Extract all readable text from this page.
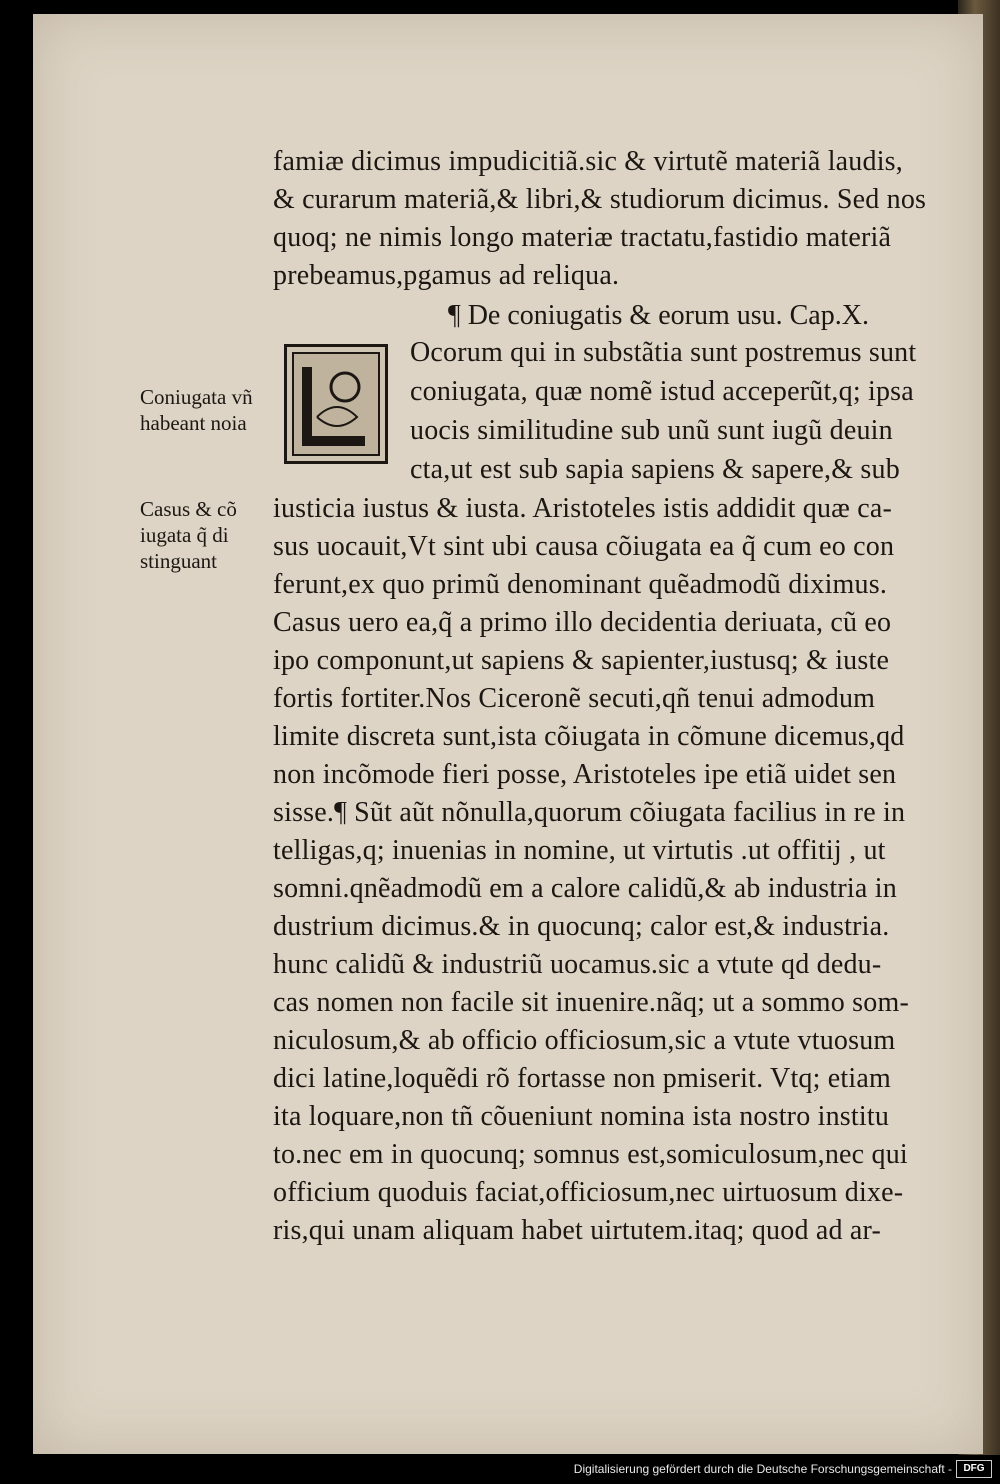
famiæ dicimus impudicitiã.sic & virtutẽ materiã laudis,
& curarum materiã,& libri,& studiorum dicimus. Sed nos
quoq; ne nimis longo materiæ tractatu,fastidio materiã
prebeamus,pgamus ad reliqua.
¶ De coniugatis & eorum usu. Cap.X.
Ocorum qui in substãtia sunt postremus sunt
coniugata, quæ nomẽ istud acceperũt,q; ipsa
uocis similitudine sub unũ sunt iugũ deuin
cta,ut est sub sapia sapiens & sapere,& sub
Coniugata vñ habeant noia
Casus & cõ iugata q̃ di stinguant
iusticia iustus & iusta. Aristoteles istis addidit quæ ca-
sus uocauit,Vt sint ubi causa cõiugata ea q̃ cum eo con
ferunt,ex quo primũ denominant quẽadmodũ diximus.
Casus uero ea,q̃ a primo illo decidentia deriuata, cũ eo
ipo componunt,ut sapiens & sapienter,iustusq; & iuste
fortis fortiter.Nos Ciceronẽ secuti,qñ tenui admodum
limite discreta sunt,ista cõiugata in cõmune dicemus,qd
non incõmode fieri posse, Aristoteles ipe etiã uidet sen
sisse.¶ Sũt aũt nõnulla,quorum cõiugata facilius in re in
telligas,q; inuenias in nomine, ut virtutis .ut offitij , ut
somni.qnẽadmodũ em a calore calidũ,& ab industria in
dustrium dicimus.& in quocunq; calor est,& industria.
hunc calidũ & industriũ uocamus.sic a vtute qd dedu-
cas nomen non facile sit inuenire.nãq; ut a sommo som-
niculosum,& ab officio officiosum,sic a vtute vtuosum
dici latine,loquẽdi rõ fortasse non pmiserit. Vtq; etiam
ita loquare,non tñ cõueniunt nomina ista nostro institu
to.nec em in quocunq; somnus est,somiculosum,nec qui
officium quoduis faciat,officiosum,nec uirtuosum dixe-
ris,qui unam aliquam habet uirtutem.itaq; quod ad ar-
Digitalisierung gefördert durch die Deutsche Forschungsgemeinschaft -	DFG
